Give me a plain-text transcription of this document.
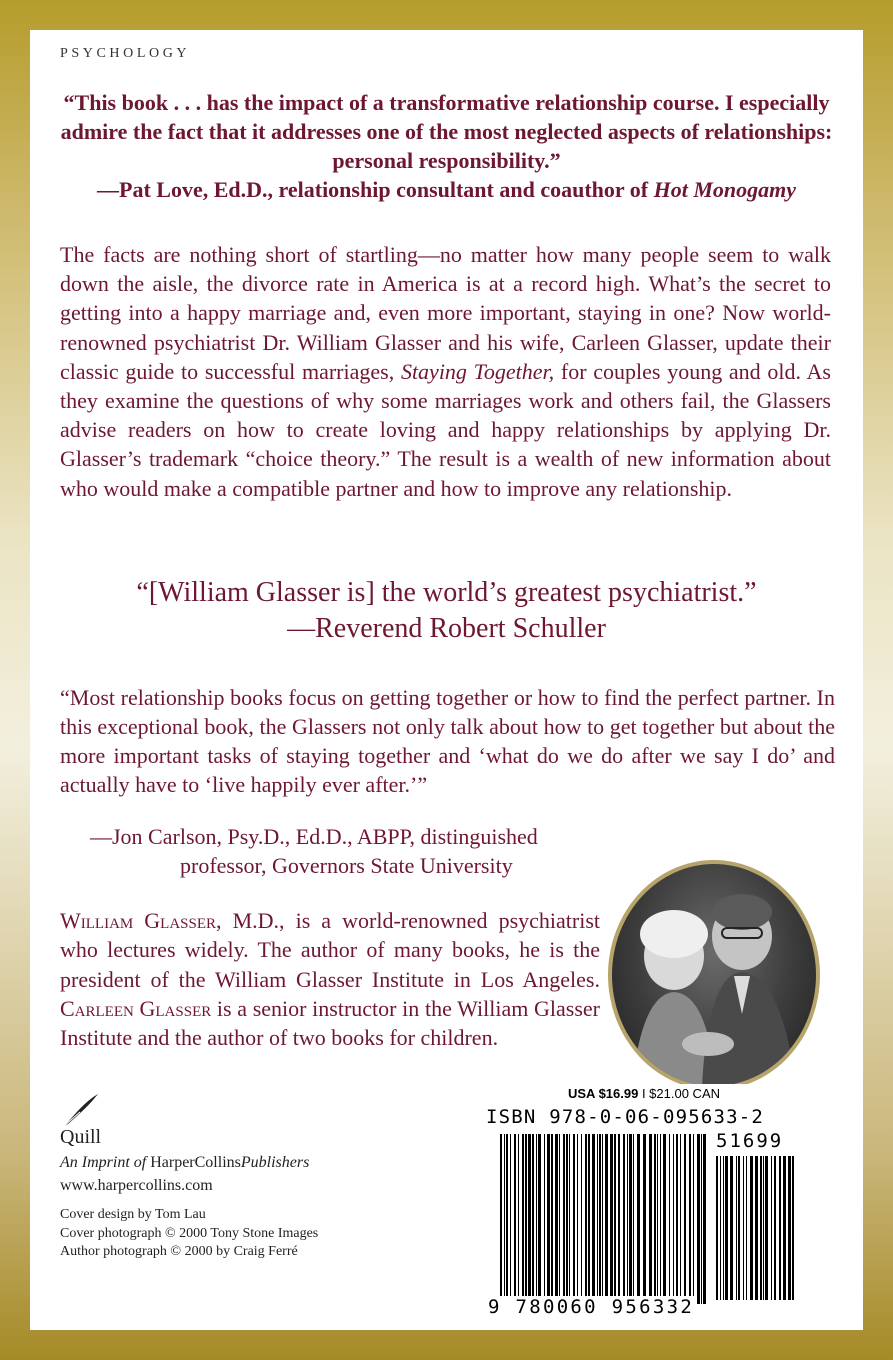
PSYCHOLOGY
“This book . . . has the impact of a transformative relationship course. I especially admire the fact that it addresses one of the most neglected aspects of relationships: personal responsibility.”
—Pat Love, Ed.D., relationship consultant and coauthor of Hot Monogamy
The facts are nothing short of startling—no matter how many people seem to walk down the aisle, the divorce rate in America is at a record high. What’s the secret to getting into a happy marriage and, even more important, staying in one? Now world-renowned psychiatrist Dr. William Glasser and his wife, Carleen Glasser, update their classic guide to successful marriages, Staying Together, for couples young and old. As they examine the questions of why some marriages work and others fail, the Glassers advise readers on how to create loving and happy relationships by applying Dr. Glasser’s trademark “choice theory.” The result is a wealth of new information about who would make a compatible partner and how to improve any relationship.
“[William Glasser is] the world’s greatest psychiatrist.”
—Reverend Robert Schuller
“Most relationship books focus on getting together or how to find the perfect partner. In this exceptional book, the Glassers not only talk about how to get together but about the more important tasks of staying together and ‘what do we do after we say I do’ and actually have to ‘live happily ever after.’”
—Jon Carlson, Psy.D., Ed.D., ABPP, distinguished
professor, Governors State University
William Glasser, M.D., is a world-renowned psychiatrist who lectures widely. The author of many books, he is the president of the William Glasser Institute in Los Angeles. Carleen Glasser is a senior instructor in the William Glasser Institute and the author of two books for children.
Quill
An Imprint of HarperCollinsPublishers
www.harpercollins.com
Cover design by Tom Lau
Cover photograph © 2000 Tony Stone Images
Author photograph © 2000 by Craig Ferré
USA $16.99 I $21.00 CAN
ISBN 978-0-06-095633-2
51699
9 780060 956332
